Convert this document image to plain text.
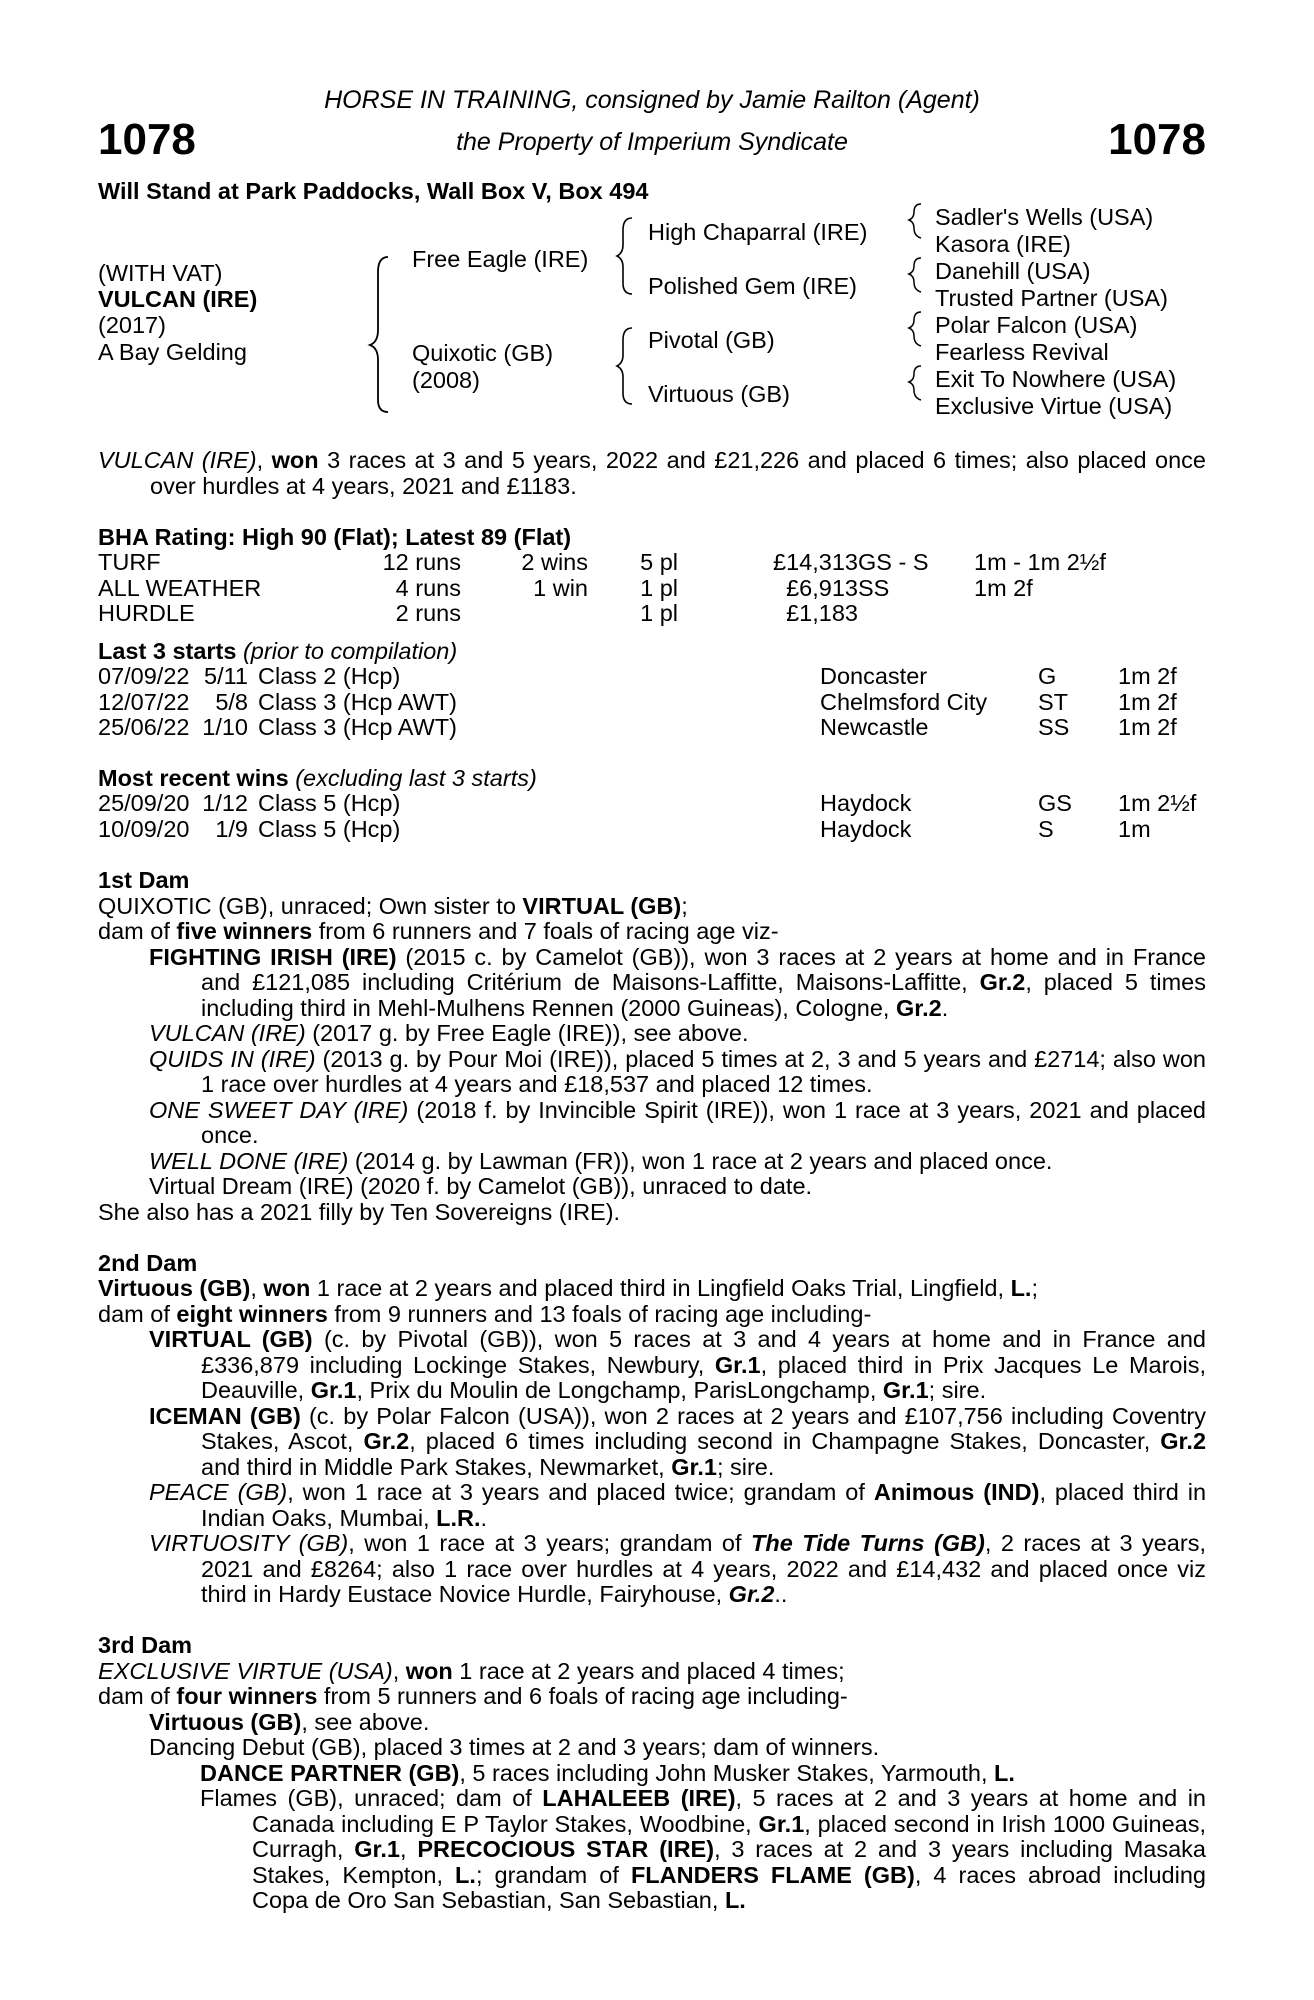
1078	1078
HORSE IN TRAINING, consigned by Jamie Railton (Agent)
the Property of Imperium Syndicate
Will Stand at Park Paddocks, Wall Box V, Box 494
(WITH VAT)
VULCAN (IRE)
(2017)
A Bay Gelding
Free Eagle (IRE)
Quixotic (GB)
(2008)
High Chaparral (IRE)
Polished Gem (IRE)
Pivotal (GB)
Virtuous (GB)
Sadler's Wells (USA)
Kasora (IRE)
Danehill (USA)
Trusted Partner (USA)
Polar Falcon (USA)
Fearless Revival
Exit To Nowhere (USA)
Exclusive Virtue (USA)

VULCAN (IRE), won 3 races at 3 and 5 years, 2022 and £21,226 and placed 6 times; also placed once over hurdles at 4 years, 2021 and £1183.

BHA Rating: High 90 (Flat); Latest 89 (Flat)
TURF	12 runs	2 wins 5 pl	£14,313 GS - S 1m - 1m 2½f
ALL WEATHER	4 runs	1 win 1 pl	£6,913 SS	1m 2f
HURDLE	2 runs	1 pl	£1,183
Last 3 starts (prior to compilation)
07/09/22 5/11 Class 2 (Hcp)	Doncaster	G	1m 2f
12/07/22 5/8 Class 3 (Hcp AWT)	Chelmsford City ST 1m 2f
25/06/22 1/10 Class 3 (Hcp AWT)	Newcastle	SS 1m 2f
Most recent wins (excluding last 3 starts)
25/09/20 1/12 Class 5 (Hcp)	Haydock	GS 1m 2½f
10/09/20 1/9 Class 5 (Hcp)	Haydock	S	1m
1st Dam

QUIXOTIC (GB), unraced; Own sister to VIRTUAL (GB);

dam of five winners from 6 runners and 7 foals of racing age viz-

FIGHTING IRISH (IRE) (2015 c. by Camelot (GB)), won 3 races at 2 years at home and in France and £121,085 including Critérium de Maisons-Laffitte, Maisons-Laffitte, Gr.2, placed 5 times including third in Mehl-Mulhens Rennen (2000 Guineas), Cologne, Gr.2.

VULCAN (IRE) (2017 g. by Free Eagle (IRE)), see above.

QUIDS IN (IRE) (2013 g. by Pour Moi (IRE)), placed 5 times at 2, 3 and 5 years and £2714; also won 1 race over hurdles at 4 years and £18,537 and placed 12 times.

ONE SWEET DAY (IRE) (2018 f. by Invincible Spirit (IRE)), won 1 race at 3 years, 2021 and placed once.

WELL DONE (IRE) (2014 g. by Lawman (FR)), won 1 race at 2 years and placed once.

Virtual Dream (IRE) (2020 f. by Camelot (GB)), unraced to date.

She also has a 2021 filly by Ten Sovereigns (IRE).

2nd Dam

Virtuous (GB), won 1 race at 2 years and placed third in Lingfield Oaks Trial, Lingfield, L.;

dam of eight winners from 9 runners and 13 foals of racing age including-

VIRTUAL (GB) (c. by Pivotal (GB)), won 5 races at 3 and 4 years at home and in France and £336,879 including Lockinge Stakes, Newbury, Gr.1, placed third in Prix Jacques Le Marois, Deauville, Gr.1, Prix du Moulin de Longchamp, ParisLongchamp, Gr.1; sire.

ICEMAN (GB) (c. by Polar Falcon (USA)), won 2 races at 2 years and £107,756 including Coventry Stakes, Ascot, Gr.2, placed 6 times including second in Champagne Stakes, Doncaster, Gr.2 and third in Middle Park Stakes, Newmarket, Gr.1; sire.

PEACE (GB), won 1 race at 3 years and placed twice; grandam of Animous (IND), placed third in Indian Oaks, Mumbai, L.R..

VIRTUOSITY (GB), won 1 race at 3 years; grandam of The Tide Turns (GB), 2 races at 3 years, 2021 and £8264; also 1 race over hurdles at 4 years, 2022 and £14,432 and placed once viz third in Hardy Eustace Novice Hurdle, Fairyhouse, Gr.2..

3rd Dam

EXCLUSIVE VIRTUE (USA), won 1 race at 2 years and placed 4 times;

dam of four winners from 5 runners and 6 foals of racing age including-

Virtuous (GB), see above.

Dancing Debut (GB), placed 3 times at 2 and 3 years; dam of winners.

DANCE PARTNER (GB), 5 races including John Musker Stakes, Yarmouth, L.

Flames (GB), unraced; dam of LAHALEEB (IRE), 5 races at 2 and 3 years at home and in Canada including E P Taylor Stakes, Woodbine, Gr.1, placed second in Irish 1000 Guineas, Curragh, Gr.1, PRECOCIOUS STAR (IRE), 3 races at 2 and 3 years including Masaka Stakes, Kempton, L.; grandam of FLANDERS FLAME (GB), 4 races abroad including Copa de Oro San Sebastian, San Sebastian, L.
